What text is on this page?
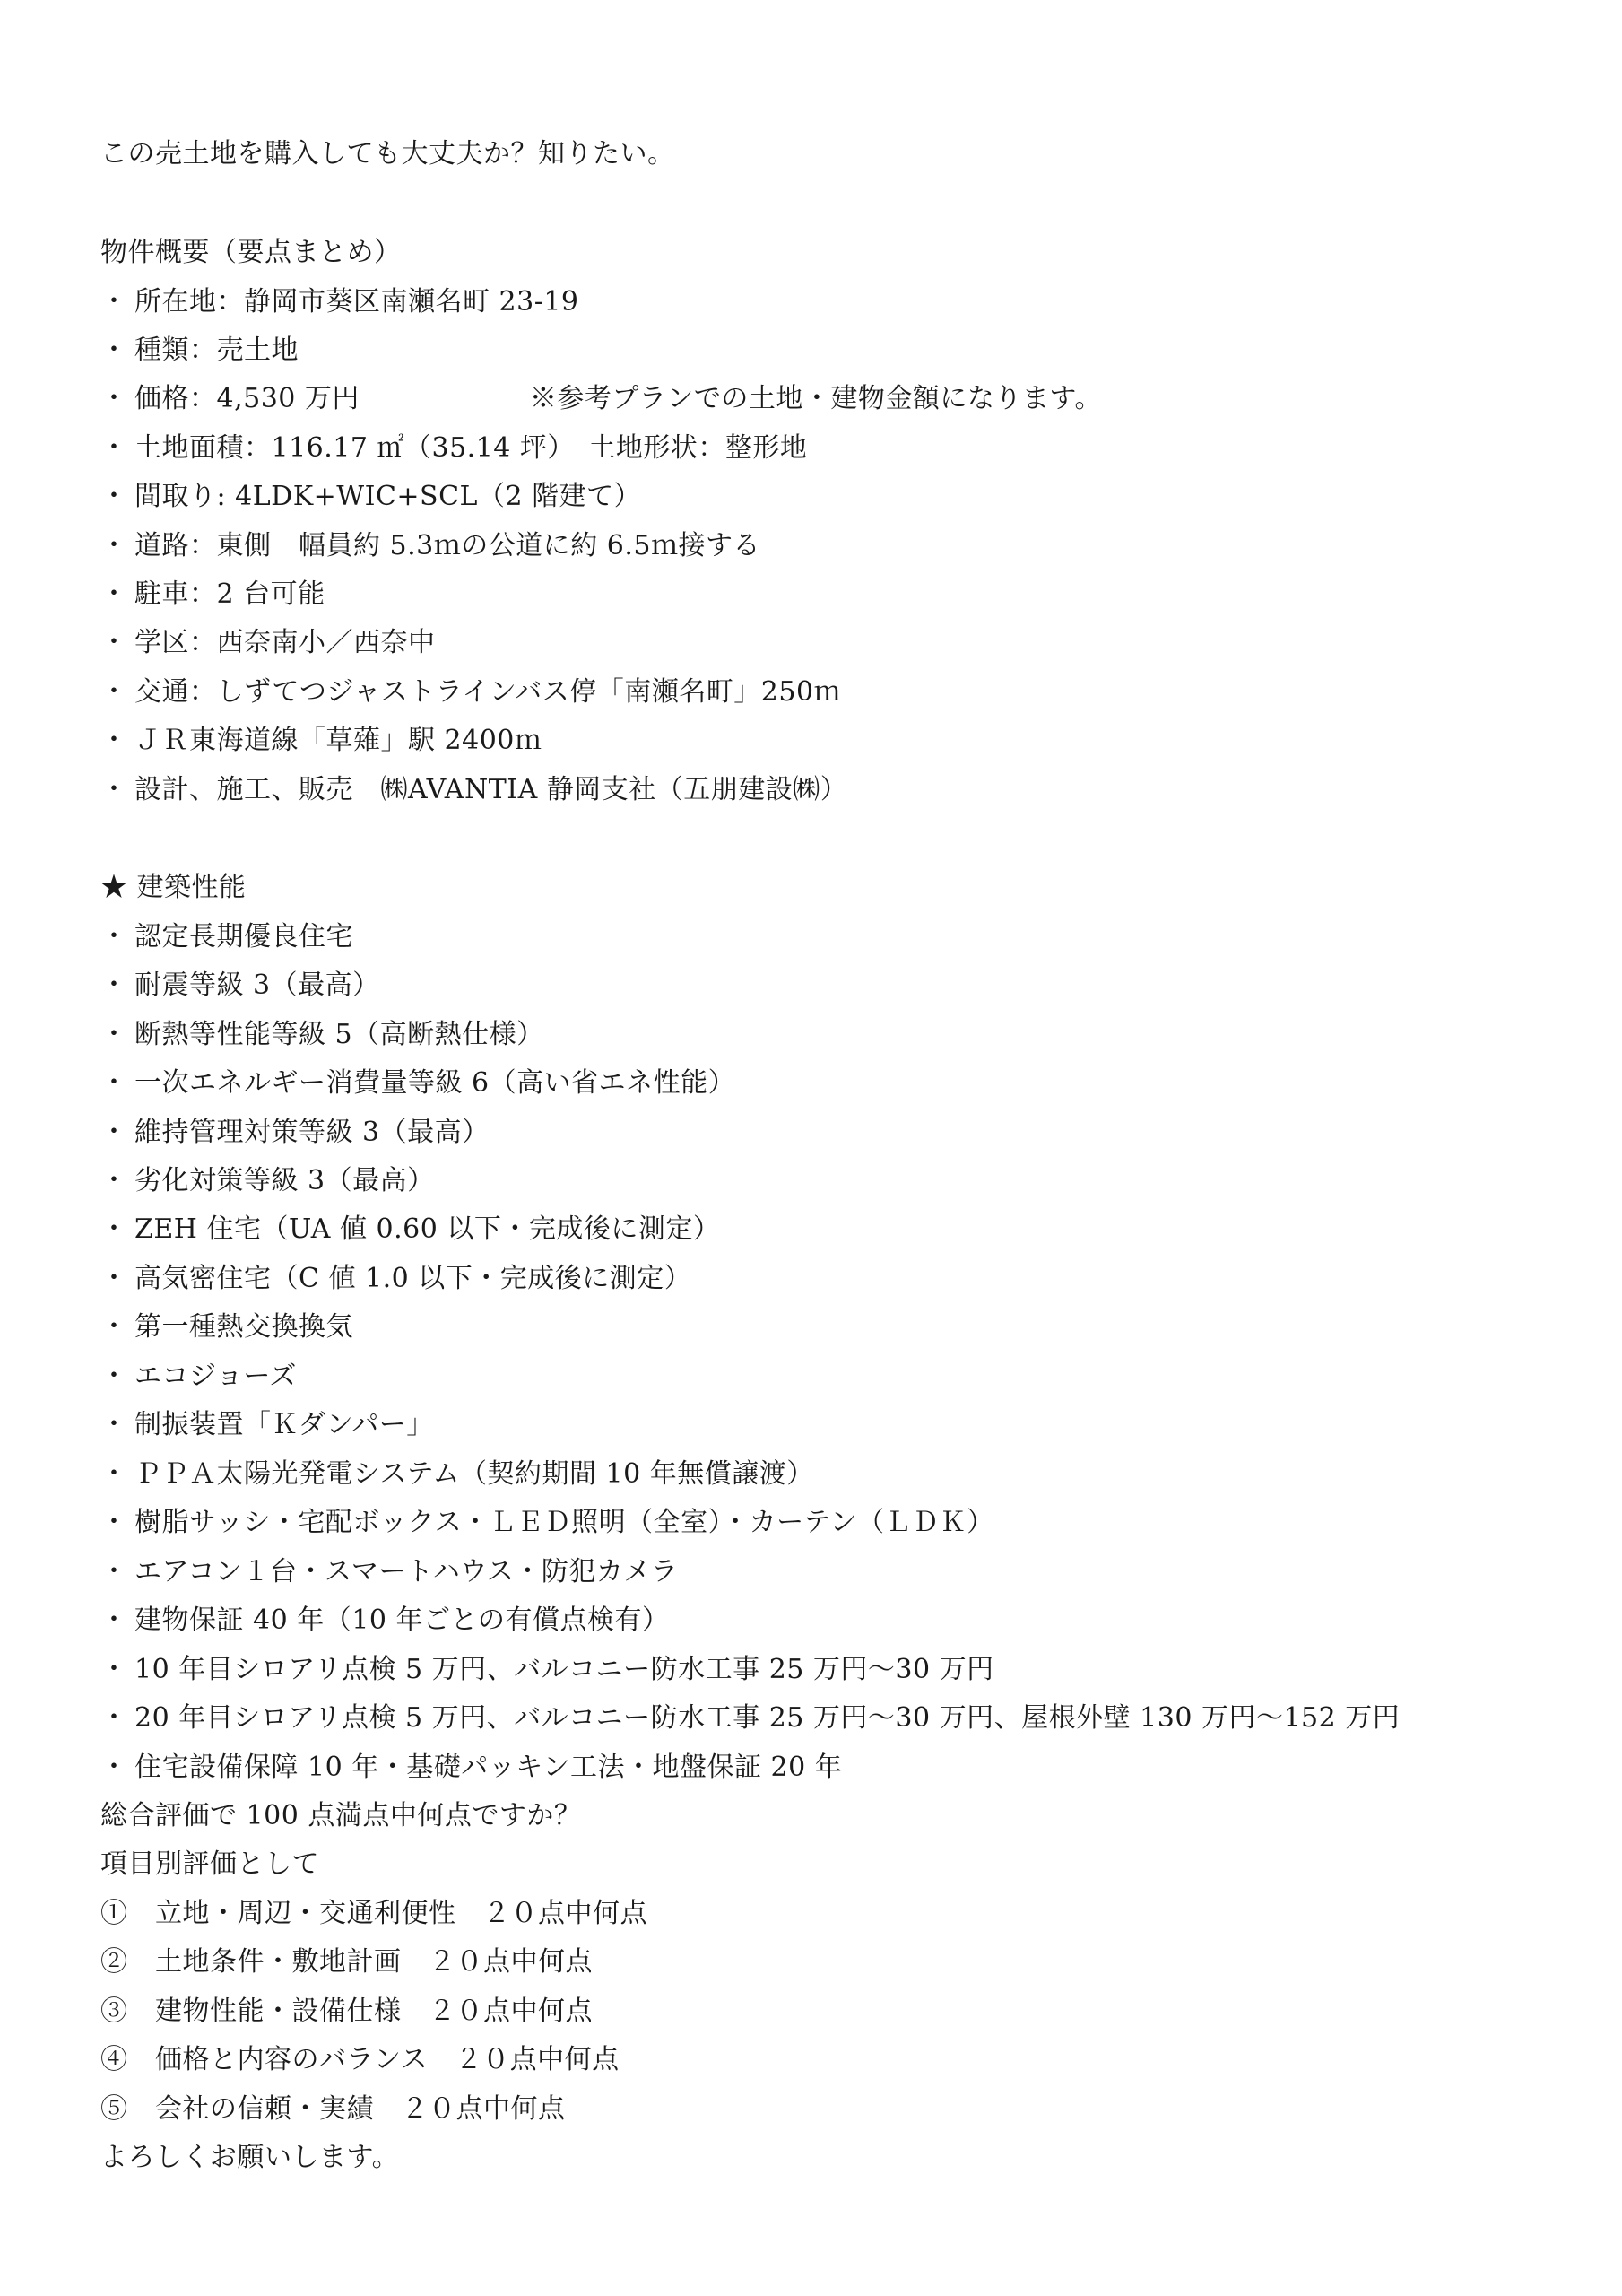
この売土地を購入しても大丈夫か？知りたい。
物件概要（要点まとめ）
・ 所在地：静岡市葵区南瀬名町 23-19
・ 種類：売土地
・ 価格：4,530 万円	※参考プランでの土地・建物金額になります。
・ 土地面積：116.17 ㎡（35.14 坪）　土地形状：整形地
・ 間取り: 4LDK+WIC+SCL（2 階建て）
・ 道路：東側　幅員約 5.3ｍの公道に約 6.5ｍ接する
・ 駐車：2 台可能
・ 学区：西奈南小／西奈中
・ 交通：しずてつジャストラインバス停「南瀬名町」250ｍ
・ ＪＲ東海道線「草薙」駅 2400ｍ
・ 設計、施工、販売　㈱AVANTIA 静岡支社（五朋建設㈱）
★ 建築性能
・ 認定長期優良住宅
・ 耐震等級 3（最高）
・ 断熱等性能等級 5（高断熱仕様）
・ 一次エネルギー消費量等級 6（高い省エネ性能）
・ 維持管理対策等級 3（最高）
・ 劣化対策等級 3（最高）
・ ZEH 住宅（UA 値 0.60 以下・完成後に測定）
・ 高気密住宅（C 値 1.0 以下・完成後に測定）
・ 第一種熱交換換気
・ エコジョーズ
・ 制振装置「Ｋダンパー」
・ ＰＰＡ太陽光発電システム（契約期間 10 年無償譲渡）
・ 樹脂サッシ・宅配ボックス・ＬＥＤ照明（全室）・カーテン（ＬＤＫ）
・ エアコン１台・スマートハウス・防犯カメラ
・ 建物保証 40 年（10 年ごとの有償点検有）
・ 10 年目シロアリ点検 5 万円、バルコニー防水工事 25 万円～30 万円
・ 20 年目シロアリ点検 5 万円、バルコニー防水工事 25 万円～30 万円、屋根外壁 130 万円～152 万円
・ 住宅設備保障 10 年・基礎パッキン工法・地盤保証 20 年
総合評価で 100 点満点中何点ですか？
項目別評価として
①　立地・周辺・交通利便性　２０点中何点
②　土地条件・敷地計画　２０点中何点
③　建物性能・設備仕様　２０点中何点
④　価格と内容のバランス　２０点中何点
⑤　会社の信頼・実績　２０点中何点
よろしくお願いします。
